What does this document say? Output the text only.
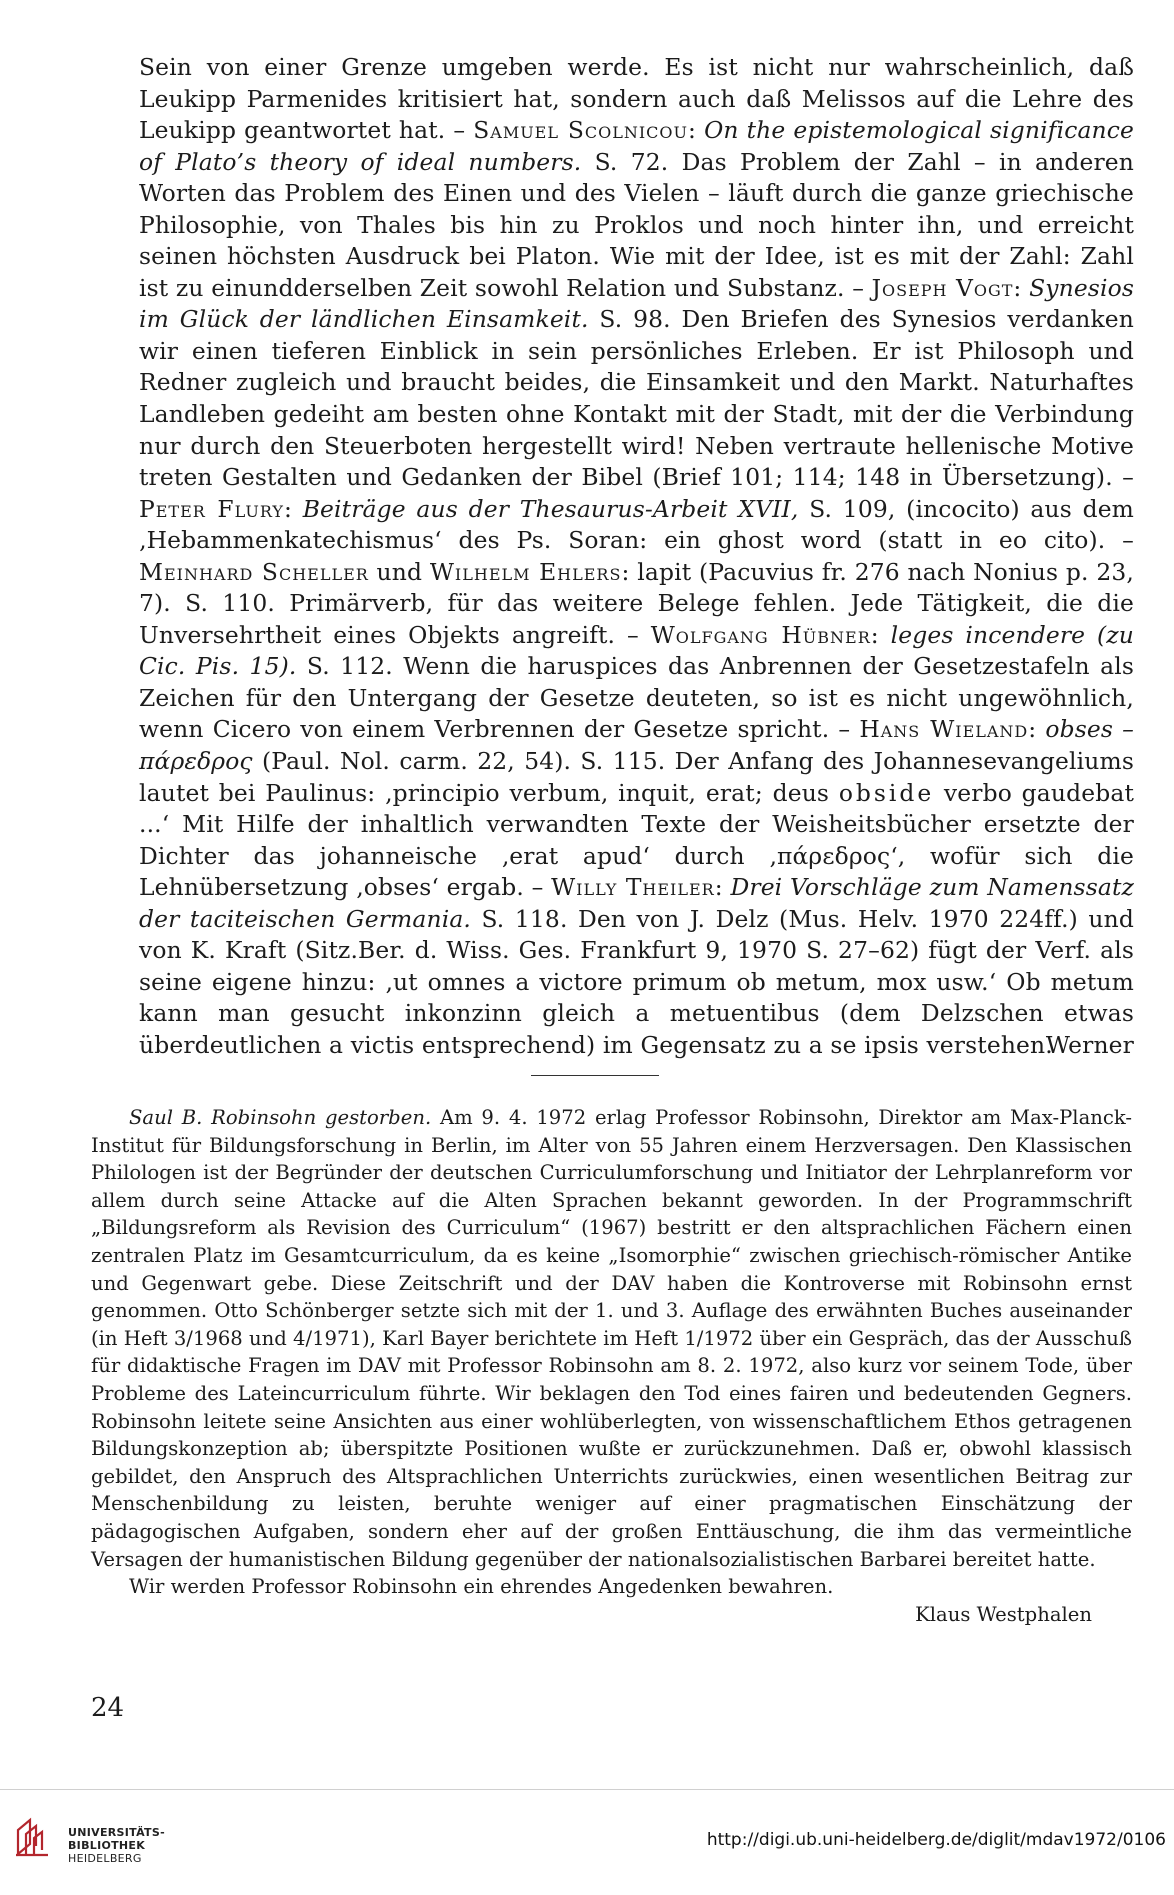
Sein von einer Grenze umgeben werde. Es ist nicht nur wahrscheinlich, daß Leukipp Parmenides kritisiert hat, sondern auch daß Melissos auf die Lehre des Leukipp geantwortet hat. – Samuel Scolnicou: On the epistemological significance of Plato’s theory of ideal numbers. S. 72. Das Problem der Zahl – in anderen Worten das Problem des Einen und des Vielen – läuft durch die ganze griechische Philosophie, von Thales bis hin zu Proklos und noch hinter ihn, und erreicht seinen höchsten Ausdruck bei Platon. Wie mit der Idee, ist es mit der Zahl: Zahl ist zu einundderselben Zeit sowohl Relation und Substanz. – Joseph Vogt: Synesios im Glück der ländlichen Einsamkeit. S. 98. Den Briefen des Synesios verdanken wir einen tieferen Einblick in sein persönliches Erleben. Er ist Philosoph und Redner zugleich und braucht beides, die Einsamkeit und den Markt. Naturhaftes Landleben gedeiht am besten ohne Kontakt mit der Stadt, mit der die Verbindung nur durch den Steuerboten hergestellt wird! Neben vertraute hellenische Motive treten Gestalten und Gedanken der Bibel (Brief 101; 114; 148 in Übersetzung). – Peter Flury: Beiträge aus der Thesaurus-Arbeit XVII, S. 109, (incocito) aus dem ‚Hebammenkatechismus‘ des Ps. Soran: ein ghost word (statt in eo cito). – Meinhard Scheller und Wilhelm Ehlers: lapit (Pacuvius fr. 276 nach Nonius p. 23, 7). S. 110. Primärverb, für das weitere Belege fehlen. Jede Tätigkeit, die die Unversehrtheit eines Objekts angreift. – Wolfgang Hübner: leges incendere (zu Cic. Pis. 15). S. 112. Wenn die haruspices das Anbrennen der Gesetzestafeln als Zeichen für den Untergang der Gesetze deuteten, so ist es nicht ungewöhnlich, wenn Cicero von einem Verbrennen der Gesetze spricht. – Hans Wieland: obses – πάρεδρος (Paul. Nol. carm. 22, 54). S. 115. Der Anfang des Johannesevangeliums lautet bei Paulinus: ‚principio verbum, inquit, erat; deus obside verbo gaudebat ...‘ Mit Hilfe der inhaltlich verwandten Texte der Weisheitsbücher ersetzte der Dichter das johanneische ‚erat apud‘ durch ‚πάρεδρος‘, wofür sich die Lehnübersetzung ‚obses‘ ergab. – Willy Theiler: Drei Vorschläge zum Namenssatz der taciteischen Germania. S. 118. Den von J. Delz (Mus. Helv. 1970 224ff.) und von K. Kraft (Sitz.Ber. d. Wiss. Ges. Frankfurt 9, 1970 S. 27–62) fügt der Verf. als seine eigene hinzu: ‚ut omnes a victore primum ob metum, mox usw.‘ Ob metum kann man gesucht inkonzinn gleich a metuentibus (dem Delzschen etwas überdeutlichen a victis entsprechend) im Gegensatz zu a se ipsis verstehen.
Werner

Saul B. Robinsohn gestorben. Am 9. 4. 1972 erlag Professor Robinsohn, Direktor am Max-Planck-Institut für Bildungsforschung in Berlin, im Alter von 55 Jahren einem Herzversagen. Den Klassischen Philologen ist der Begründer der deutschen Curriculumforschung und Initiator der Lehrplanreform vor allem durch seine Attacke auf die Alten Sprachen bekannt geworden. In der Programmschrift „Bildungsreform als Revision des Curriculum“ (1967) bestritt er den altsprachlichen Fächern einen zentralen Platz im Gesamtcurriculum, da es keine „Isomorphie“ zwischen griechisch-römischer Antike und Gegenwart gebe. Diese Zeitschrift und der DAV haben die Kontroverse mit Robinsohn ernst genommen. Otto Schönberger setzte sich mit der 1. und 3. Auflage des erwähnten Buches auseinander (in Heft 3/1968 und 4/1971), Karl Bayer berichtete im Heft 1/1972 über ein Gespräch, das der Ausschuß für didaktische Fragen im DAV mit Professor Robinsohn am 8. 2. 1972, also kurz vor seinem Tode, über Probleme des Lateincurriculum führte. Wir beklagen den Tod eines fairen und bedeutenden Gegners. Robinsohn leitete seine Ansichten aus einer wohlüberlegten, von wissenschaftlichem Ethos getragenen Bildungskonzeption ab; überspitzte Positionen wußte er zurückzunehmen. Daß er, obwohl klassisch gebildet, den Anspruch des Altsprachlichen Unterrichts zurückwies, einen wesentlichen Beitrag zur Menschenbildung zu leisten, beruhte weniger auf einer pragmatischen Einschätzung der pädagogischen Aufgaben, sondern eher auf der großen Enttäuschung, die ihm das vermeintliche Versagen der humanistischen Bildung gegenüber der nationalsozialistischen Barbarei bereitet hatte.

Wir werden Professor Robinsohn ein ehrendes Angedenken bewahren.

Klaus Westphalen

24
UNIVERSITÄTS-
BIBLIOTHEK
HEIDELBERG
http://digi.ub.uni-heidelberg.de/diglit/mdav1972/0106
